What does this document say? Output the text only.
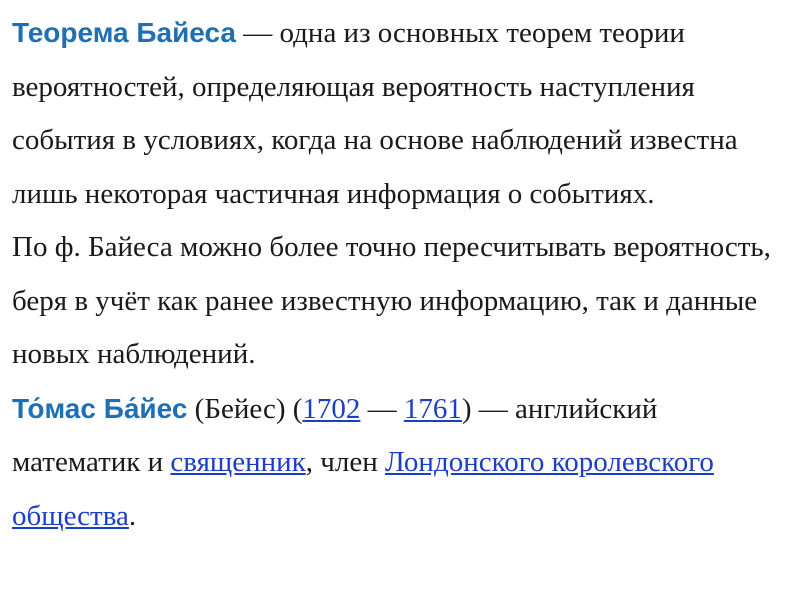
Теорема Байеса — одна из основных теорем теории вероятностей, определяющая вероятность наступления события в условиях, когда на основе наблюдений известна лишь некоторая частичная информация о событиях.

По ф. Байеса можно более точно пересчитывать вероятность, беря в учёт как ранее известную информацию, так и данные новых наблюдений.

То́мас Ба́йес (Бейес) (1702 — 1761) — английский математик и священник, член Лондонского королевского общества.
